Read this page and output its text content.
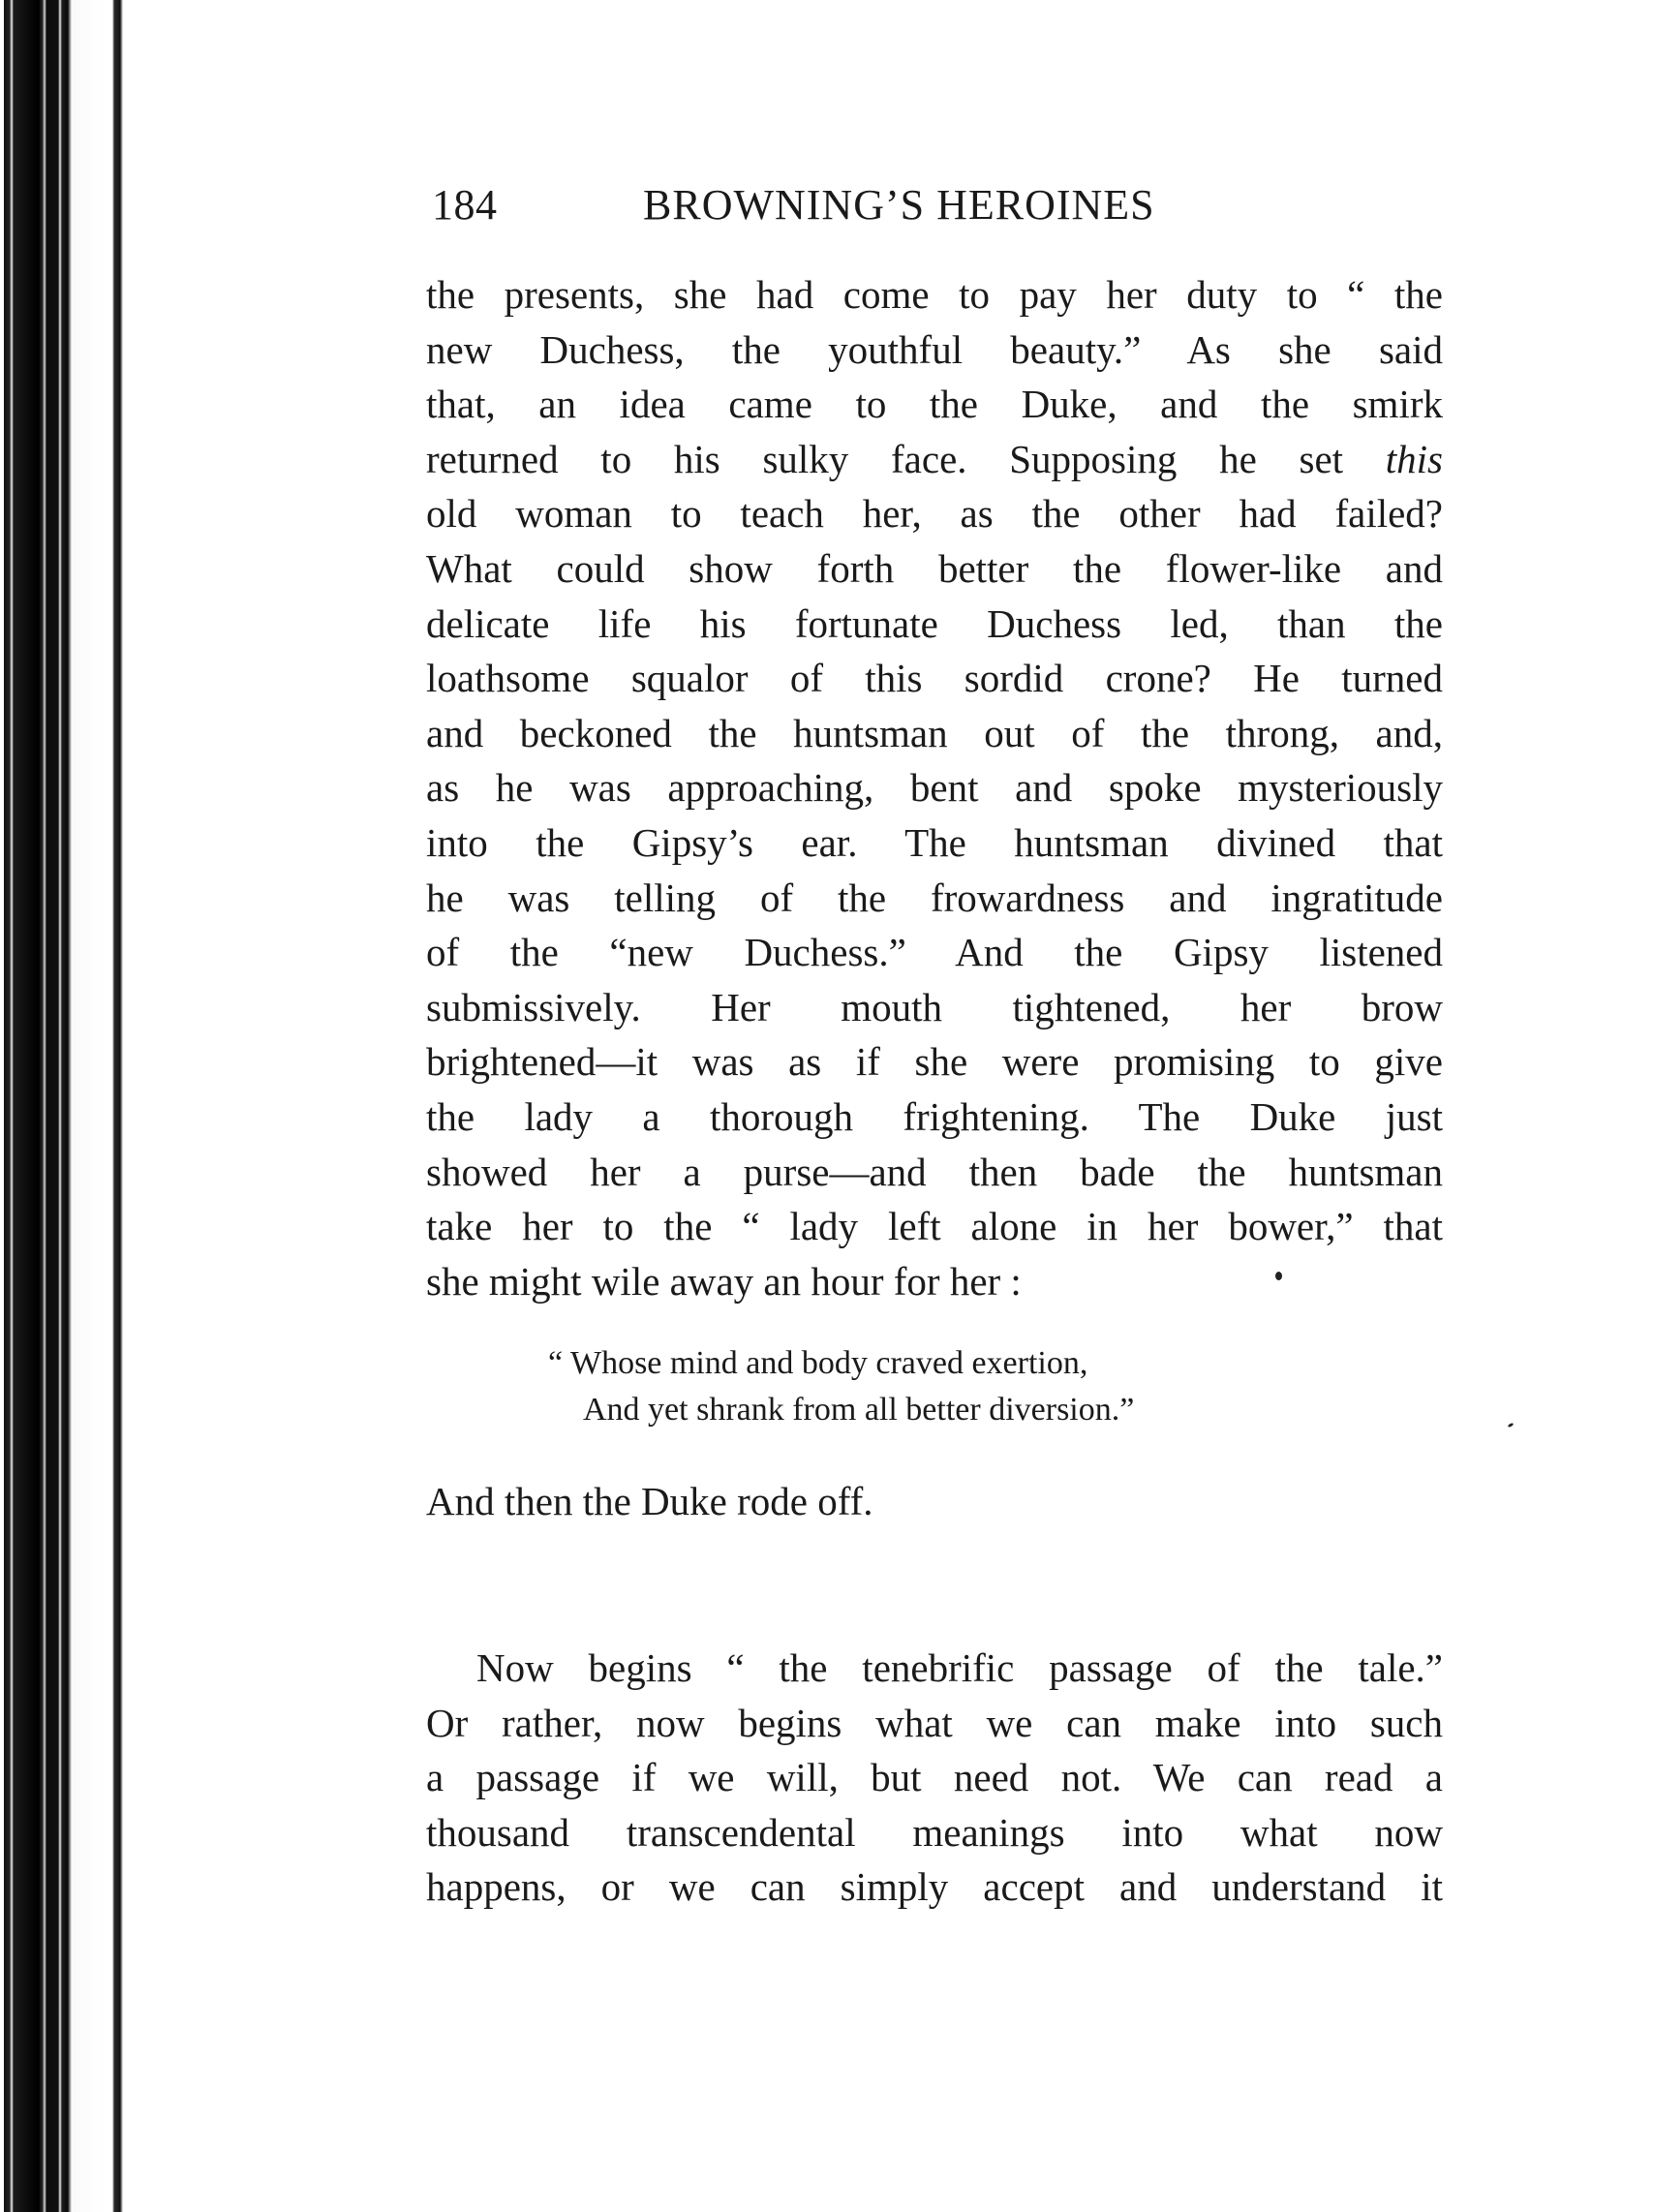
184	BROWNING’S HEROINES
the presents, she had come to pay her duty to “ the
new Duchess, the youthful beauty.” As she said
that, an idea came to the Duke, and the smirk
returned to his sulky face. Supposing he set this
old woman to teach her, as the other had failed?
What could show forth better the flower-like and
delicate life his fortunate Duchess led, than the
loathsome squalor of this sordid crone? He turned
and beckoned the huntsman out of the throng, and,
as he was approaching, bent and spoke mysteriously
into the Gipsy’s ear. The huntsman divined that
he was telling of the frowardness and ingratitude
of the “new Duchess.” And the Gipsy listened
submissively. Her mouth tightened, her brow
brightened—it was as if she were promising to give
the lady a thorough frightening. The Duke just
showed her a purse—and then bade the huntsman
take her to the “ lady left alone in her bower,” that
she might wile away an hour for her :
“ Whose mind and body craved exertion,
And yet shrank from all better diversion.”
And then the Duke rode off.
Now begins “ the tenebrific passage of the tale.”
Or rather, now begins what we can make into such
a passage if we will, but need not. We can read a
thousand transcendental meanings into what now
happens, or we can simply accept and understand it
